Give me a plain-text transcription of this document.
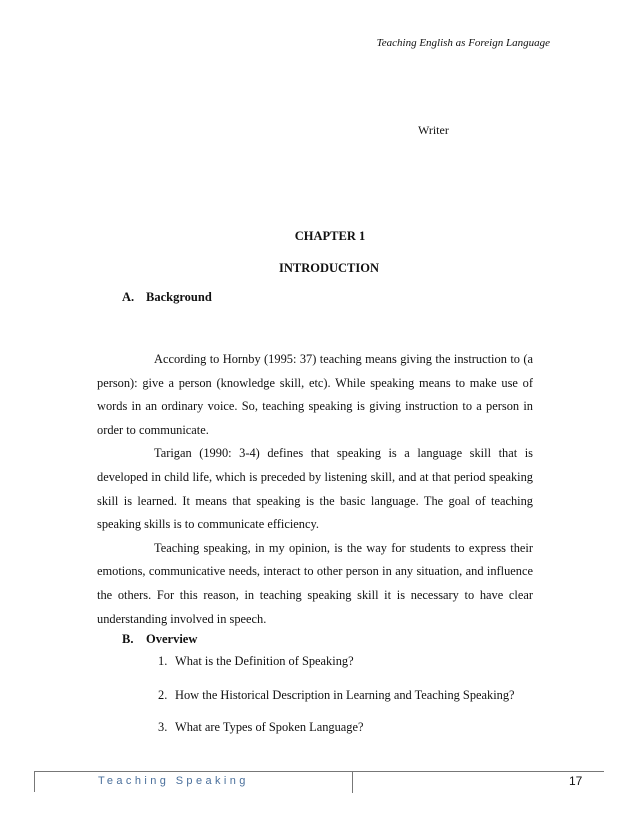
Teaching English as Foreign Language
Writer
CHAPTER 1
INTRODUCTION
A. Background

According to Hornby (1995: 37) teaching means giving the instruction to (a person): give a person (knowledge skill, etc). While speaking means to make use of words in an ordinary voice. So, teaching speaking is giving instruction to a person in order to communicate.

Tarigan (1990: 3-4) defines that speaking is a language skill that is developed in child life, which is preceded by listening skill, and at that period speaking skill is learned. It means that speaking is the basic language. The goal of teaching speaking skills is to communicate efficiency.

Teaching speaking, in my opinion, is the way for students to express their emotions, communicative needs, interact to other person in any situation, and influence the others. For this reason, in teaching speaking skill it is necessary to have clear understanding involved in speech.

B. Overview
1. What is the Definition of Speaking?
2. How the Historical Description in Learning and Teaching Speaking?
3. What are Types of Spoken Language?
Teaching Speaking	17
